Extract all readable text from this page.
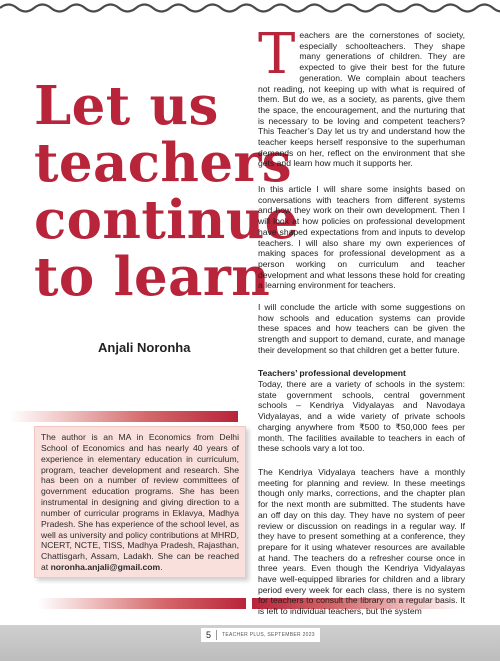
Let us
teachers
continue
to learn
Anjali Noronha
The author is an MA in Economics from Delhi School of Economics and has nearly 40 years of experience in elementary education in curriculum, program, teacher development and research. She has been on a number of review committees of government education programs. She has been instrumental in designing and giving direction to a number of curricular programs in Eklavya, Madhya Pradesh. She has experience of the school level, as well as university and policy contributions at MHRD, NCERT, NCTE, TISS, Madhya Pradesh, Rajasthan, Chattisgarh, Assam, Ladakh. She can be reached at noronha.anjali@gmail.com.

Teachers are the cornerstones of society, especially schoolteachers. They shape many generations of children. They are expected to give their best for the future generation. We complain about teachers not reading, not keeping up with what is required of them. But do we, as a society, as parents, give them the space, the encouragement, and the nurturing that is necessary to be loving and competent teachers? This Teacher’s Day let us try and understand how the teacher keeps herself responsive to the superhuman demands on her, reflect on the environment that she gets and learn how much it supports her.

In this article I will share some insights based on conversations with teachers from different systems and how they work on their own development. Then I will look at how policies on professional development have shaped expectations from and inputs to develop teachers. I will also share my own experiences of making spaces for professional development as a person working on curriculum and teacher development and what lessons these hold for creating a learning environment for teachers.

I will conclude the article with some suggestions on how schools and education systems can provide these spaces and how teachers can be given the strength and support to demand, curate, and manage their development so that children get a better future.

Teachers’ professional development

Today, there are a variety of schools in the system: state government schools, central government schools – Kendriya Vidyalayas and Navodaya Vidyalayas, and a wide variety of private schools charging anywhere from ₹500 to ₹50,000 fees per month. The facilities available to teachers in each of these schools vary a lot too.

The Kendriya Vidyalaya teachers have a monthly meeting for planning and review. In these meetings though only marks, corrections, and the chapter plan for the next month are submitted. The students have an off day on this day. They have no system of peer review or discussion on readings in a regular way. If they have to present something at a conference, they prepare for it using whatever resources are available at hand. The teachers do a refresher course once in three years. Even though the Kendriya Vidyalayas have well-equipped libraries for children and a library period every week for each class, there is no system for teachers to consult the library on a regular basis. It is left to individual teachers, but the system

5 TEACHER PLUS, SEPTEMBER 2023
